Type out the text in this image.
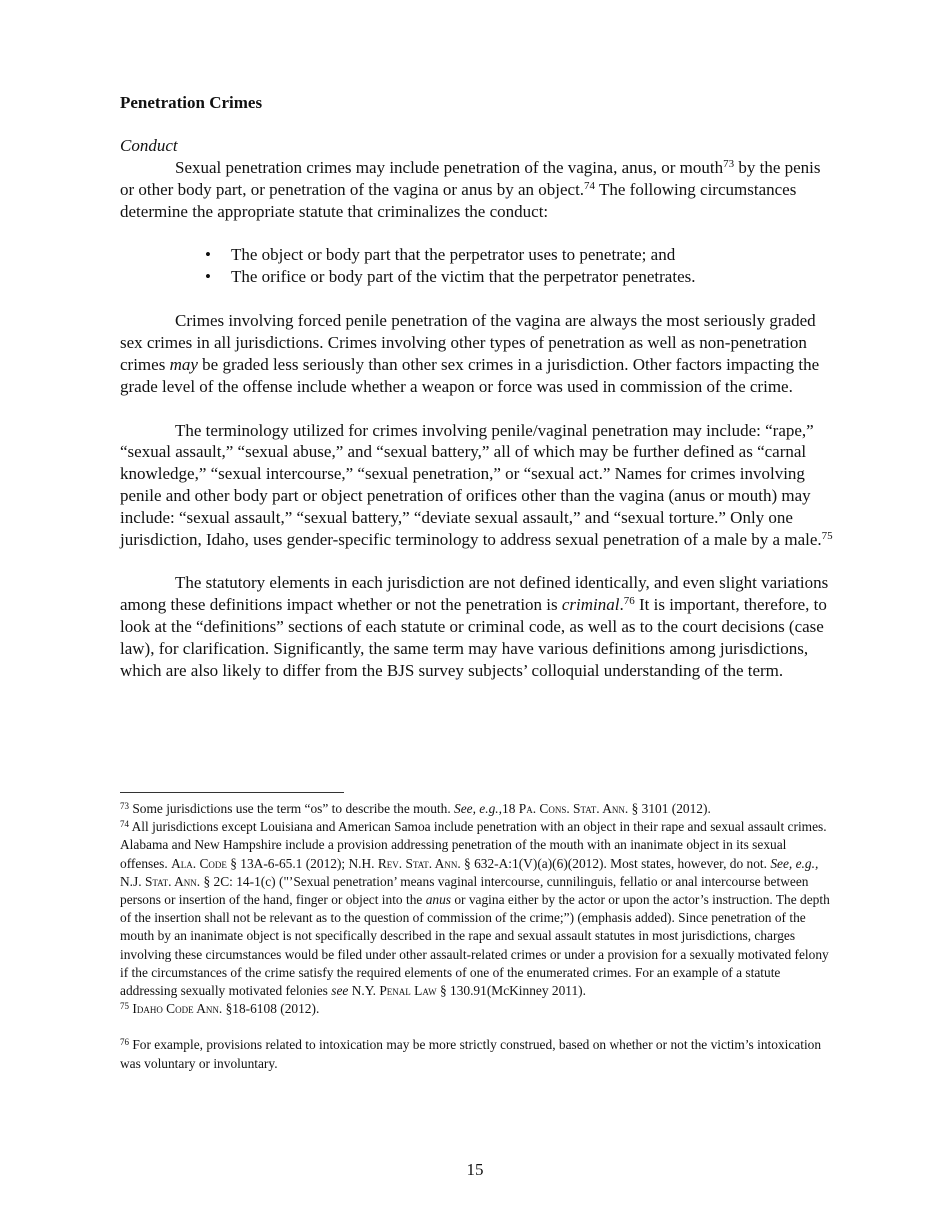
Penetration Crimes

Conduct

Sexual penetration crimes may include penetration of the vagina, anus, or mouth$^{73}$ by the penis or other body part, or penetration of the vagina or anus by an object.$^{74}$ The following circumstances determine the appropriate statute that criminalizes the conduct:

• The object or body part that the perpetrator uses to penetrate; and
• The orifice or body part of the victim that the perpetrator penetrates.

Crimes involving forced penile penetration of the vagina are always the most seriously graded sex crimes in all jurisdictions. Crimes involving other types of penetration as well as non-penetration crimes may be graded less seriously than other sex crimes in a jurisdiction. Other factors impacting the grade level of the offense include whether a weapon or force was used in commission of the crime.

The terminology utilized for crimes involving penile/vaginal penetration may include: “rape,” “sexual assault,” “sexual abuse,” and “sexual battery,” all of which may be further defined as “carnal knowledge,” “sexual intercourse,” “sexual penetration,” or “sexual act.” Names for crimes involving penile and other body part or object penetration of orifices other than the vagina (anus or mouth) may include: “sexual assault,” “sexual battery,” “deviate sexual assault,” and “sexual torture.” Only one jurisdiction, Idaho, uses gender-specific terminology to address sexual penetration of a male by a male.$^{75}$

The statutory elements in each jurisdiction are not defined identically, and even slight variations among these definitions impact whether or not the penetration is criminal.$^{76}$ It is important, therefore, to look at the “definitions” sections of each statute or criminal code, as well as to the court decisions (case law), for clarification. Significantly, the same term may have various definitions among jurisdictions, which are also likely to differ from the BJS survey subjects’ colloquial understanding of the term.

$^{73}$ Some jurisdictions use the term “os” to describe the mouth. See, e.g.,18 Pa. Cons. Stat. Ann. § 3101 (2012).

$^{74}$ All jurisdictions except Louisiana and American Samoa include penetration with an object in their rape and sexual assault crimes. Alabama and New Hampshire include a provision addressing penetration of the mouth with an inanimate object in its sexual offenses. Ala. Code § 13A-6-65.1 (2012); N.H. Rev. Stat. Ann. § 632-A:1(V)(a)(6)(2012). Most states, however, do not. See, e.g., N.J. Stat. Ann. § 2C: 14-1(c) ("’Sexual penetration’ means vaginal intercourse, cunnilinguis, fellatio or anal intercourse between persons or insertion of the hand, finger or object into the anus or vagina either by the actor or upon the actor’s instruction. The depth of the insertion shall not be relevant as to the question of commission of the crime;”) (emphasis added). Since penetration of the mouth by an inanimate object is not specifically described in the rape and sexual assault statutes in most jurisdictions, charges involving these circumstances would be filed under other assault-related crimes or under a provision for a sexually motivated felony if the circumstances of the crime satisfy the required elements of one of the enumerated crimes. For an example of a statute addressing sexually motivated felonies see N.Y. Penal Law § 130.91(McKinney 2011).

$^{75}$ Idaho Code Ann. §18-6108 (2012).

$^{76}$ For example, provisions related to intoxication may be more strictly construed, based on whether or not the victim’s intoxication was voluntary or involuntary.

15
